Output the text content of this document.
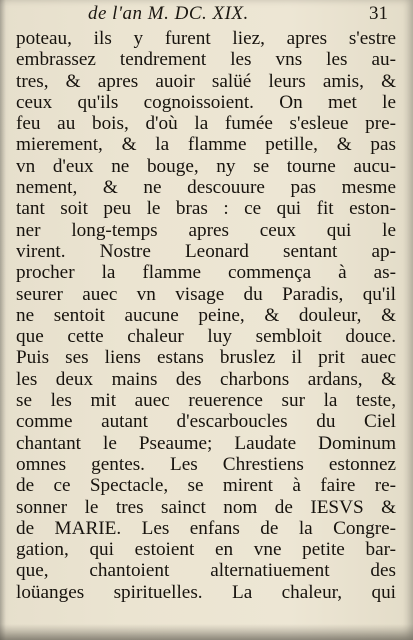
de l'an M. DC. XIX.	31
poteau, ils y furent liez, apres s'estre
embrassez tendrement les vns les au-
tres, & apres auoir salüé leurs amis, &
ceux qu'ils cognoissoient. On met le
feu au bois, d'où la fumée s'esleue pre-
mierement, & la flamme petille, & pas
vn d'eux ne bouge, ny se tourne aucu-
nement, & ne descouure pas mesme
tant soit peu le bras : ce qui fit eston-
ner long-temps apres ceux qui le
virent. Nostre Leonard sentant ap-
procher la flamme commença à as-
seurer auec vn visage du Paradis, qu'il
ne sentoit aucune peine, & douleur, &
que cette chaleur luy sembloit douce.
Puis ses liens estans bruslez il prit auec
les deux mains des charbons ardans, &
se les mit auec reuerence sur la teste,
comme autant d'escarboucles du Ciel
chantant le Pseaume; Laudate Dominum
omnes gentes. Les Chrestiens estonnez
de ce Spectacle, se mirent à faire re-
sonner le tres sainct nom de IESVS &
de MARIE. Les enfans de la Congre-
gation, qui estoient en vne petite bar-
que, chantoient alternatiuement des
loüanges spirituelles. La chaleur, qui
